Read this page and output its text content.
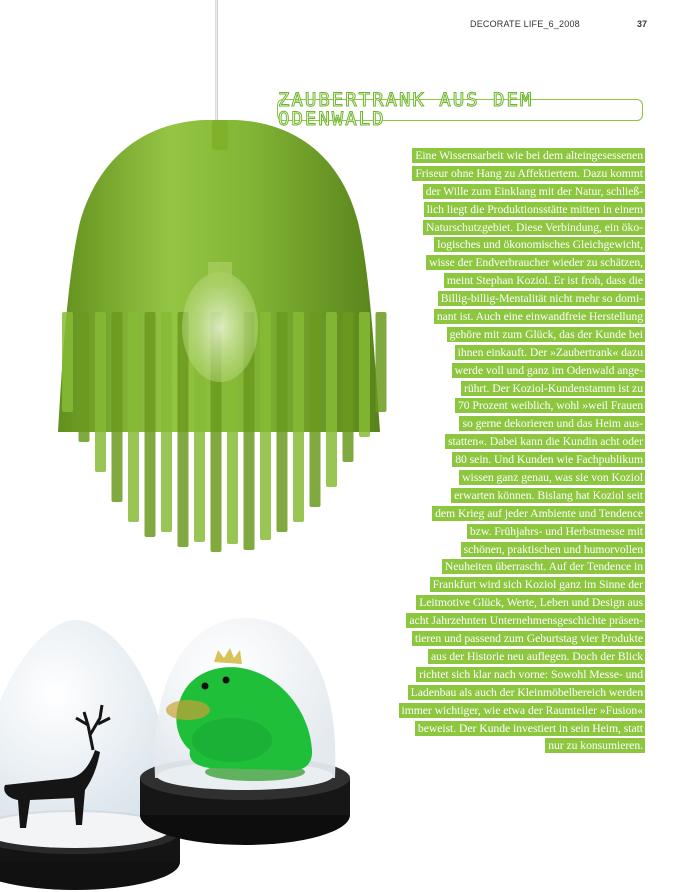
DECORATE LIFE_6_2008	37
ZAUBERTRANK AUS DEM ODENWALD
Eine Wissensarbeit wie bei dem alteingesessenen
Friseur ohne Hang zu Affektiertem. Dazu kommt
der Wille zum Einklang mit der Natur, schließ-
lich liegt die Produktionsstätte mitten in einem
Naturschutzgebiet. Diese Verbindung, ein öko-
logisches und ökonomisches Gleichgewicht,
wisse der Endverbraucher wieder zu schätzen,
meint Stephan Koziol. Er ist froh, dass die
Billig-billig-Mentalität nicht mehr so domi-
nant ist. Auch eine einwandfreie Herstellung
gehöre mit zum Glück, das der Kunde bei
ihnen einkauft. Der »Zaubertrank« dazu
werde voll und ganz im Odenwald ange-
rührt. Der Koziol-Kundenstamm ist zu
70 Prozent weiblich, wohl »weil Frauen
so gerne dekorieren und das Heim aus-
statten«. Dabei kann die Kundin acht oder
80 sein. Und Kunden wie Fachpublikum
wissen ganz genau, was sie von Koziol
erwarten können. Bislang hat Koziol seit
dem Krieg auf jeder Ambiente und Tendence
bzw. Frühjahrs- und Herbstmesse mit
schönen, praktischen und humorvollen
Neuheiten überrascht. Auf der Tendence in
Frankfurt wird sich Koziol ganz im Sinne der
Leitmotive Glück, Werte, Leben und Design aus
acht Jahrzehnten Unternehmensgeschichte präsen-
tieren und passend zum Geburtstag vier Produkte
aus der Historie neu auflegen. Doch der Blick
richtet sich klar nach vorne: Sowohl Messe- und
Ladenbau als auch der Kleinmöbelbereich werden
immer wichtiger, wie etwa der Raumteiler »Fusion«
beweist. Der Kunde investiert in sein Heim, statt
nur zu konsumieren.
